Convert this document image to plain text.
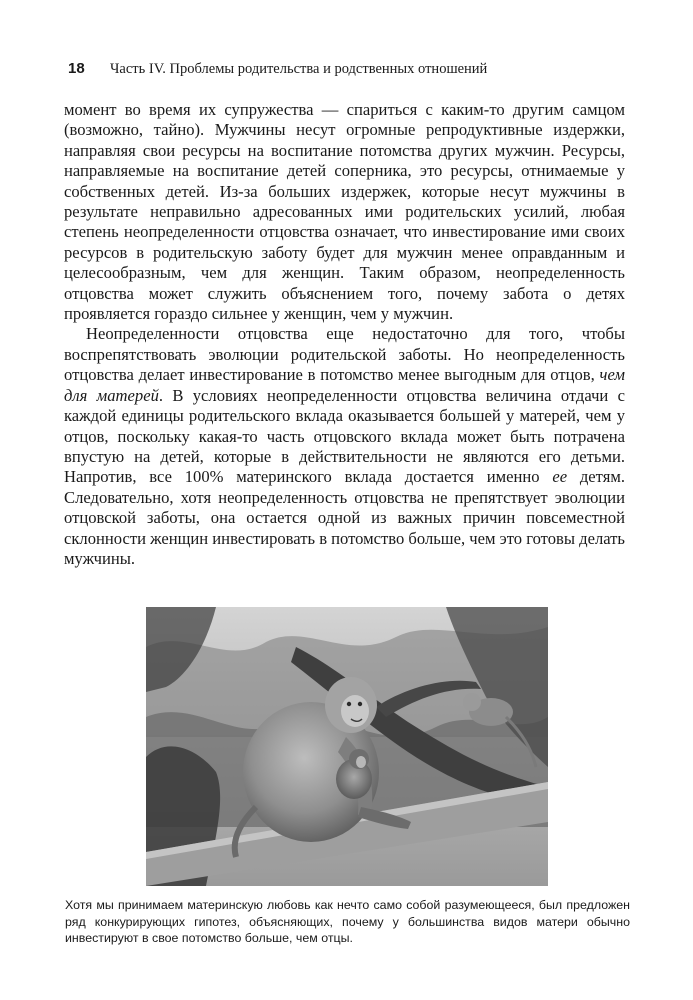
18 Часть IV. Проблемы родительства и родственных отношений

момент во время их супружества — спариться с каким-то другим самцом (возможно, тайно). Мужчины несут огромные репродуктивные издержки, направляя свои ресурсы на воспитание потомства других мужчин. Ресурсы, направляемые на воспитание детей соперника, это ресурсы, отнимаемые у собственных детей. Из-за больших издержек, которые несут мужчины в результате неправильно адресованных ими родительских усилий, любая степень неопределенности отцовства означает, что инвестирование ими своих ресурсов в родительскую заботу будет для мужчин менее оправданным и целесообразным, чем для женщин. Таким образом, неопределенность отцовства может служить объяснением того, почему забота о детях проявляется гораздо сильнее у женщин, чем у мужчин.

Неопределенности отцовства еще недостаточно для того, чтобы воспрепятствовать эволюции родительской заботы. Но неопределенность отцовства делает инвестирование в потомство менее выгодным для отцов, чем для матерей. В условиях неопределенности отцовства величина отдачи с каждой единицы родительского вклада оказывается большей у матерей, чем у отцов, поскольку какая-то часть отцовского вклада может быть потрачена впустую на детей, которые в действительности не являются его детьми. Напротив, все 100% материнского вклада достается именно ее детям. Следовательно, хотя неопределенность отцовства не препятствует эволюции отцовской заботы, она остается одной из важных причин повсеместной склонности женщин инвестировать в потомство больше, чем это готовы делать мужчины.

Хотя мы принимаем материнскую любовь как нечто само собой разумеющееся, был предложен ряд конкурирующих гипотез, объясняющих, почему у большинства видов матери обычно инвестируют в свое потомство больше, чем отцы.
